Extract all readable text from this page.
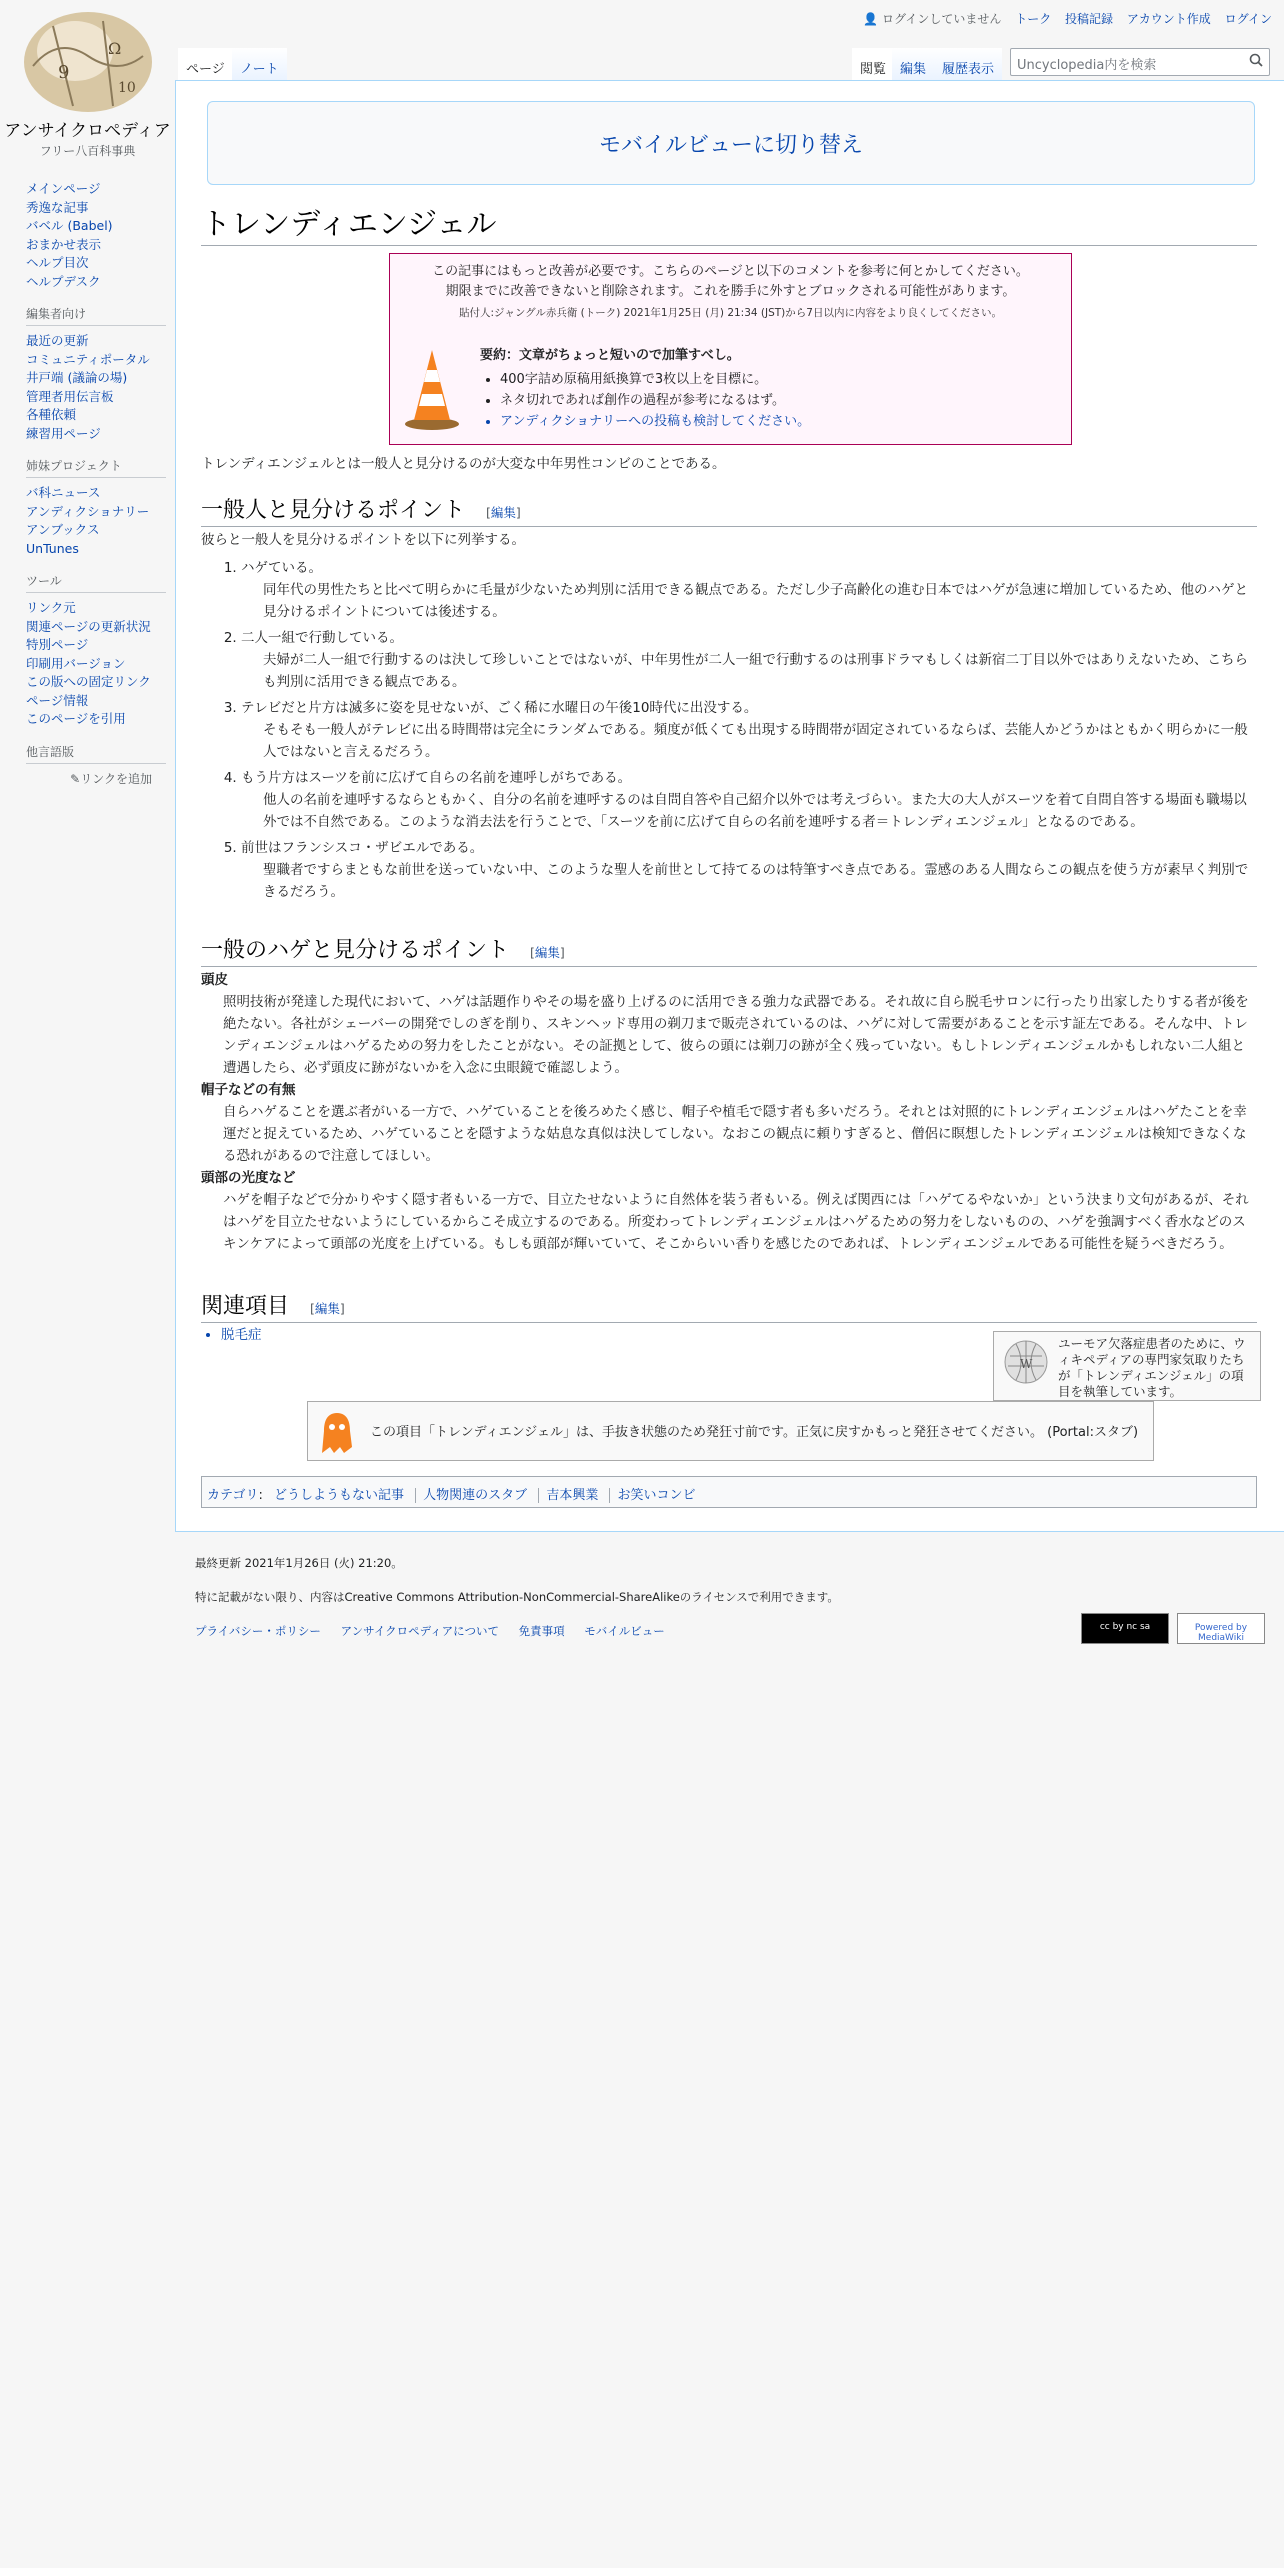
9
Ω
10
アンサイクロペディア
フリー八百科事典
メインページ
秀逸な記事
バベル (Babel)
おまかせ表示
ヘルプ目次
ヘルプデスク
編集者向け
最近の更新
コミュニティポータル
井戸端 (議論の場)
管理者用伝言板
各種依頼
練習用ページ
姉妹プロジェクト
バ科ニュース
アンディクショナリー
アンブックス
UnTunes
ツール
リンク元
関連ページの更新状況
特別ページ
印刷用バージョン
この版への固定リンク
ページ情報
このページを引用
他言語版
✎リンクを追加
👤 ログインしていません トーク 投稿記録 アカウント作成 ログイン
ページ	ノート	閲覧	編集	履歴表示	Uncyclopedia内を検索
モバイルビューに切り替え
トレンディエンジェル
この記事にはもっと改善が必要です。こちらのページと以下のコメントを参考に何とかしてください。
期限までに改善できないと削除されます。これを勝手に外すとブロックされる可能性があります。
貼付人:ジャングル赤兵衛 (トーク) 2021年1月25日 (月) 21:34 (JST)から7日以内に内容をより良くしてください。
要約：文章がちょっと短いので加筆すべし。
• 400字詰め原稿用紙換算で3枚以上を目標に。
• ネタ切れであれば創作の過程が参考になるはず。
• アンディクショナリーへの投稿も検討してください。
トレンディエンジェルとは一般人と見分けるのが大変な中年男性コンビのことである。
一般人と見分けるポイント [編集]
彼らと一般人を見分けるポイントを以下に列挙する。
1. ハゲている。
同年代の男性たちと比べて明らかに毛量が少ないため判別に活用できる観点である。ただし少子高齢化の進む日本ではハゲが急速に増加しているため、他のハゲと見分けるポイントについては後述する。
2. 二人一組で行動している。
夫婦が二人一組で行動するのは決して珍しいことではないが、中年男性が二人一組で行動するのは刑事ドラマもしくは新宿二丁目以外ではありえないため、こちらも判別に活用できる観点である。
3. テレビだと片方は滅多に姿を見せないが、ごく稀に水曜日の午後10時代に出没する。
そもそも一般人がテレビに出る時間帯は完全にランダムである。頻度が低くても出現する時間帯が固定されているならば、芸能人かどうかはともかく明らかに一般人ではないと言えるだろう。
4. もう片方はスーツを前に広げて自らの名前を連呼しがちである。
他人の名前を連呼するならともかく、自分の名前を連呼するのは自問自答や自己紹介以外では考えづらい。また大の大人がスーツを着て自問自答する場面も職場以外では不自然である。このような消去法を行うことで、「スーツを前に広げて自らの名前を連呼する者＝トレンディエンジェル」となるのである。
5. 前世はフランシスコ・ザビエルである。
聖職者ですらまともな前世を送っていない中、このような聖人を前世として持てるのは特筆すべき点である。霊感のある人間ならこの観点を使う方が素早く判別できるだろう。
一般のハゲと見分けるポイント [編集]
頭皮
照明技術が発達した現代において、ハゲは話題作りやその場を盛り上げるのに活用できる強力な武器である。それ故に自ら脱毛サロンに行ったり出家したりする者が後を絶たない。各社がシェーバーの開発でしのぎを削り、スキンヘッド専用の剃刀まで販売されているのは、ハゲに対して需要があることを示す証左である。そんな中、トレンディエンジェルはハゲるための努力をしたことがない。その証拠として、彼らの頭には剃刀の跡が全く残っていない。もしトレンディエンジェルかもしれない二人組と遭遇したら、必ず頭皮に跡がないかを入念に虫眼鏡で確認しよう。
帽子などの有無
自らハゲることを選ぶ者がいる一方で、ハゲていることを後ろめたく感じ、帽子や植毛で隠す者も多いだろう。それとは対照的にトレンディエンジェルはハゲたことを幸運だと捉えているため、ハゲていることを隠すような姑息な真似は決してしない。なおこの観点に頼りすぎると、僧侶に瞑想したトレンディエンジェルは検知できなくなる恐れがあるので注意してほしい。
頭部の光度など
ハゲを帽子などで分かりやすく隠す者もいる一方で、目立たせないように自然体を装う者もいる。例えば関西には「ハゲてるやないか」という決まり文句があるが、それはハゲを目立たせないようにしているからこそ成立するのである。所変わってトレンディエンジェルはハゲるための努力をしないものの、ハゲを強調すべく香水などのスキンケアによって頭部の光度を上げている。もしも頭部が輝いていて、そこからいい香りを感じたのであれば、トレンディエンジェルである可能性を疑うべきだろう。
関連項目 [編集]
• 脱毛症
W
ユーモア欠落症患者のために、ウィキペディアの専門家気取りたちが「トレンディエンジェル」の項目を執筆しています。
この項目「トレンディエンジェル」は、手抜き状態のため発狂寸前です。正気に戻すかもっと発狂させてください。 (Portal:スタブ)
カテゴリ: どうしようもない記事 人物関連のスタブ 吉本興業 お笑いコンビ
最終更新 2021年1月26日 (火) 21:20。
特に記載がない限り、内容はCreative Commons Attribution-NonCommercial-ShareAlikeのライセンスで利用できます。
プライバシー・ポリシー アンサイクロペディアについて 免責事項 モバイルビュー	cc by nc sa	Powered by MediaWiki
